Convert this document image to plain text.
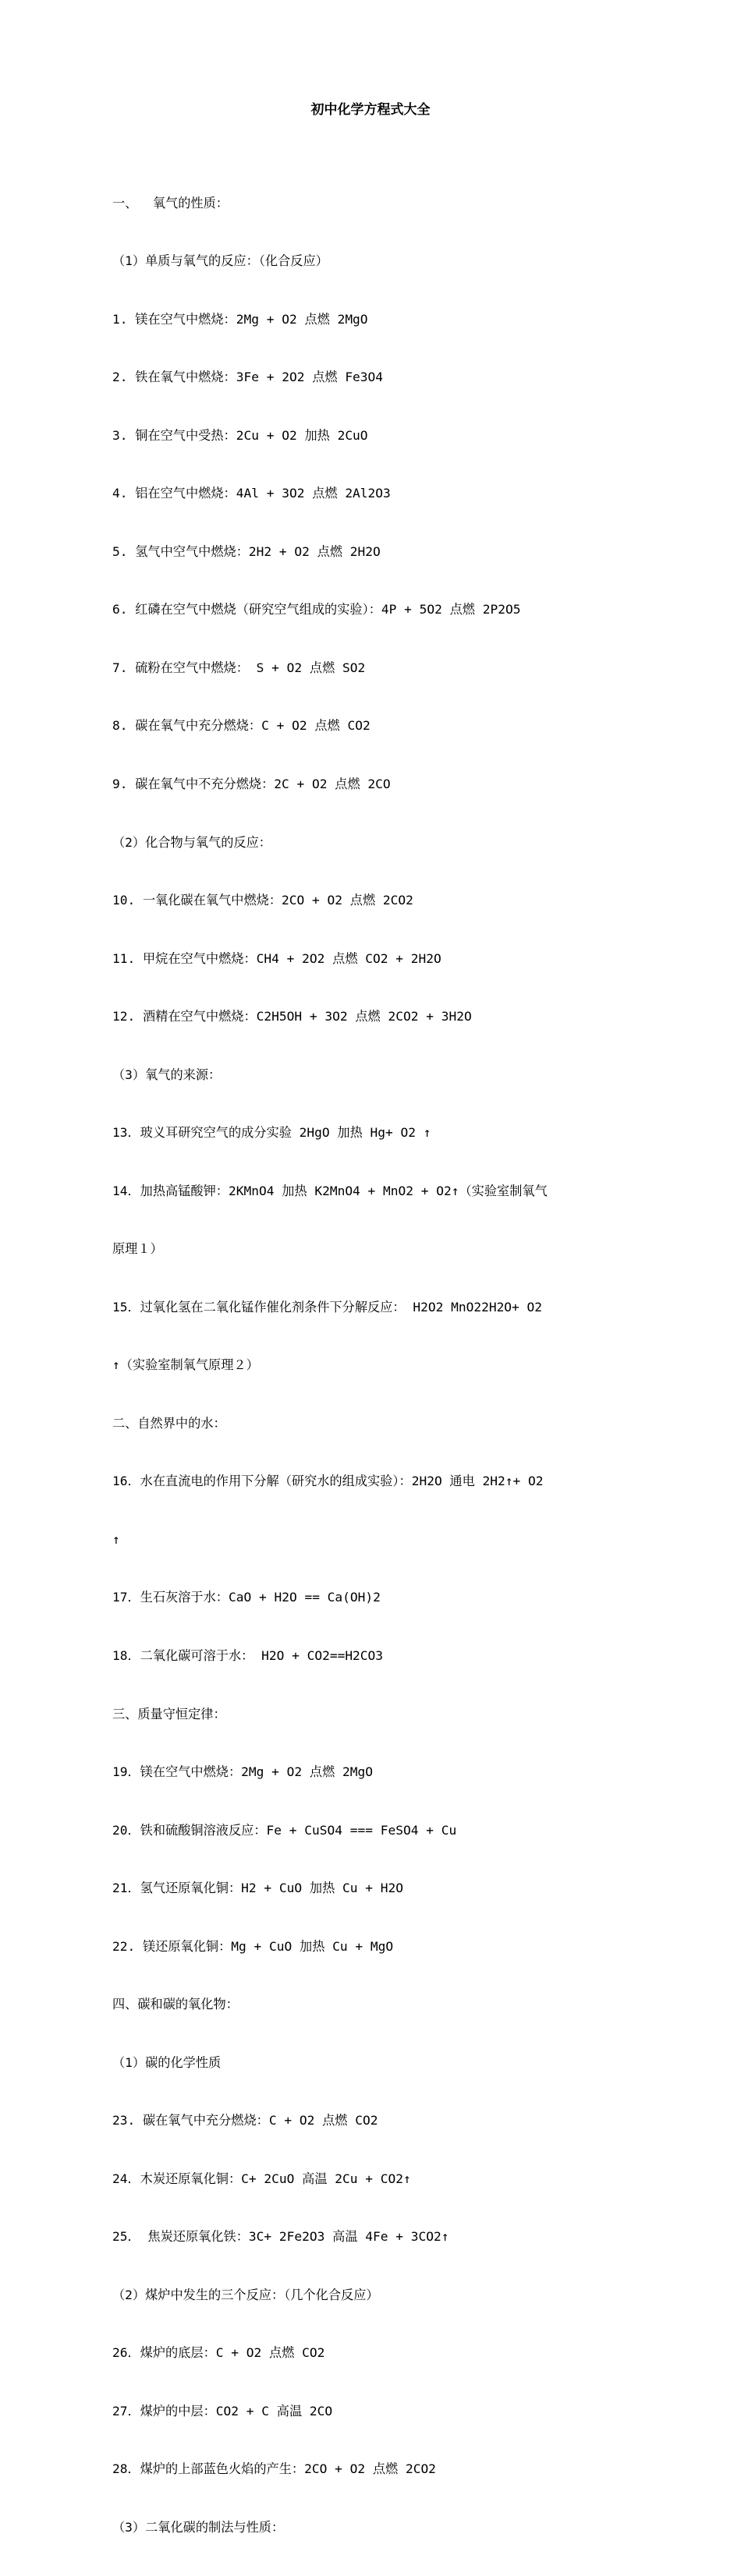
初中化学方程式大全

一、  氧气的性质：

（1）单质与氧气的反应：（化合反应）

1. 镁在空气中燃烧：2Mg + O2 点燃 2MgO

2. 铁在氧气中燃烧：3Fe + 2O2 点燃 Fe3O4

3. 铜在空气中受热：2Cu + O2 加热 2CuO

4. 铝在空气中燃烧：4Al + 3O2 点燃 2Al2O3

5. 氢气中空气中燃烧：2H2 + O2 点燃 2H2O

6. 红磷在空气中燃烧（研究空气组成的实验）：4P + 5O2 点燃 2P2O5

7. 硫粉在空气中燃烧： S + O2 点燃 SO2

8. 碳在氧气中充分燃烧：C + O2 点燃 CO2

9. 碳在氧气中不充分燃烧：2C + O2 点燃 2CO

（2）化合物与氧气的反应：

10. 一氧化碳在氧气中燃烧：2CO + O2 点燃 2CO2

11. 甲烷在空气中燃烧：CH4 + 2O2 点燃 CO2 + 2H2O

12. 酒精在空气中燃烧：C2H5OH + 3O2 点燃 2CO2 + 3H2O

（3）氧气的来源：

13．玻义耳研究空气的成分实验 2HgO 加热 Hg+ O2 ↑

14．加热高锰酸钾：2KMnO4 加热 K2MnO4 + MnO2 + O2↑（实验室制氧气

原理１）

15．过氧化氢在二氧化锰作催化剂条件下分解反应： H2O2 MnO22H2O+ O2

↑（实验室制氧气原理２）

二、自然界中的水：

16．水在直流电的作用下分解（研究水的组成实验）：2H2O 通电 2H2↑+ O2

↑

17．生石灰溶于水：CaO + H2O == Ca(OH)2

18．二氧化碳可溶于水： H2O + CO2==H2CO3

三、质量守恒定律：

19．镁在空气中燃烧：2Mg + O2 点燃 2MgO

20．铁和硫酸铜溶液反应：Fe + CuSO4 === FeSO4 + Cu

21．氢气还原氧化铜：H2 + CuO 加热 Cu + H2O

22. 镁还原氧化铜：Mg + CuO 加热 Cu + MgO

四、碳和碳的氧化物：

（1）碳的化学性质

23. 碳在氧气中充分燃烧：C + O2 点燃 CO2

24．木炭还原氧化铜：C+ 2CuO 高温 2Cu + CO2↑

25． 焦炭还原氧化铁：3C+ 2Fe2O3 高温 4Fe + 3CO2↑

（2）煤炉中发生的三个反应：（几个化合反应）

26．煤炉的底层：C + O2 点燃 CO2

27．煤炉的中层：CO2 + C 高温 2CO

28．煤炉的上部蓝色火焰的产生：2CO + O2 点燃 2CO2

（3）二氧化碳的制法与性质：
